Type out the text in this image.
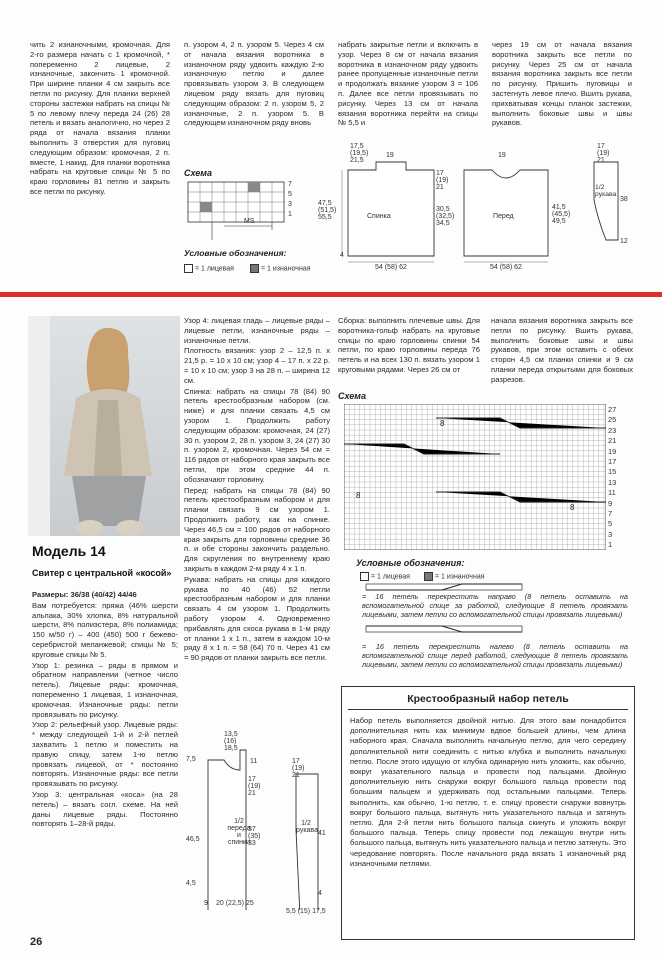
чить 2 изнаночными, кромочная. Для 2-го размера начать с 1 кромочной, * попеременно 2 лицевые, 2 изнаночные, закончить 1 кромочной. При ширине планки 4 см закрыть все петли по рисунку. Для планки верхней стороны застежки набрать на спицы № 5 по левому плечу переда 24 (26) 28 петель и вязать аналогично, но через 2 ряда от начала вязания планки выполнить 3 отверстия для пуговиц следующим образом: кромочная, 2 п. вместе, 1 накид. Для планки воротника набрать на круговые спицы № 5 по краю горловины 81 петлю и закрыть все петли по рисунку.

п. узором 4, 2 п. узором 5. Через 4 см от начала вязания воротника в изнаночном ряду удвоить каждую 2-ю изнаночную петлю и далее провязывать узором 3. В следующем лицевом ряду вязать для пуговиц следующим образом: 2 п. узором 5, 2 изнаночные, 2 п. узором 5. В следующем изнаночном ряду вновь

набрать закрытые петли и включить в узор. Через 8 см от начала вязания воротника в изнаночном ряду удвоить ранее пропущенные изнаночные петли и продолжать вязание узором 3 = 106 п. Далее все петли провязывать по рисунку. Через 13 см от начала вязания воротника перейти на спицы № 5,5 и

через 19 см от начала вязания воротника закрыть все петли по рисунку. Через 25 см от начала вязания воротника закрыть все петли по рисунку. Пришить пуговицы и застегнуть левое плечо. Вшить рукава, прихватывая концы планок застежки, выполнить боковые швы и швы рукавов.

Схема
7
5
3
1
MS
Условные обозначения:
= 1 лицевая	= 1 изнаночная
Спинка	Перед
1/2 рукава
17,5 (19,5) 21,5
19
47,5 (51,5) 55,5
17 (19) 21
30,5 (32,5) 34,5
54 (58) 62
4
19
41,5 (45,5) 49,5
54 (58) 62
17 (19) 21
38
12
Модель 14
Свитер с центральной «косой»

Размеры: 36/38 (40/42) 44/46

Вам потребуется: пряжа (46% шерсти альпака, 30% хлопка, 8% натуральной шерсти, 8% полиэстера, 8% полиамида; 150 м/50 г) – 400 (450) 500 г бежево-серебристой меланжевой; спицы № 5; круговые спицы № 5.

Узор 1: резинка – ряды в прямом и обратном направлении (четное число петель). Лицевые ряды: кромочная, попеременно 1 лицевая, 1 изнаночная, кромочная. Изнаночные ряды: петли провязывать по рисунку.

Узор 2: рельефный узор. Лицевые ряды: * между следующей 1-й и 2-й петлей захватить 1 петлю и поместить на правую спицу, затем 1-ю петлю провязать лицевой, от * постоянно повторять. Изнаночные ряды: все петли провязывать по рисунку.

Узор 3: центральная «коса» (на 28 петель) – вязать согл. схеме. На ней даны лицевые ряды. Постоянно повторять 1–28-й ряды.

Узор 4: лицевая гладь – лицевые ряды – лицевые петли, изнаночные ряды – изнаночные петли.

Плотность вязания: узор 2 – 12,5 п. x 21,5 р. = 10 x 10 см; узор 4 – 17 п. x 22 р. = 10 x 10 см; узор 3 на 28 п. – ширина 12 см.

Спинка: набрать на спицы 78 (84) 90 петель крестообразным набором (см. ниже) и для планки связать 4,5 см узором 1. Продолжить работу следующим образом: кромочная, 24 (27) 30 п. узором 2, 28 п. узором 3, 24 (27) 30 п. узором 2, кромочная. Через 54 см = 116 рядов от наборного края закрыть все петли, при этом средние 44 п. обозначают горловину.

Перед: набрать на спицы 78 (84) 90 петель крестообразным набором и для планки связать 9 см узором 1. Продолжить работу, как на спинке. Через 46,5 см = 100 рядов от наборного края закрыть для горловины средние 36 п. и обе стороны закончить раздельно. Для скругления по внутреннему краю закрыть в каждом 2-м ряду 4 x 1 п.

Рукава: набрать на спицы для каждого рукава по 40 (46) 52 петли крестообразным набором и для планки связать 4 см узором 1. Продолжить работу узором 4. Одновременно прибавлять для скоса рукава в 1-м ряду от планки 1 x 1 п., затем в каждом 10-м ряду 8 x 1 п. = 58 (64) 70 п. Через 41 см = 90 рядов от планки закрыть все петли.

Сборка: выполнить плечевые швы. Для воротника-гольф набрать на круговые спицы по краю горловины спинки 54 петли, по краю горловины переда 76 петель и на всех 130 п. вязать узором 1 круговыми рядами. Через 26 см от

начала вязания воротника закрыть все петли по рисунку. Вшить рукава, выполнить боковые швы и швы рукавов, при этом оставить с обеих сторон 4,5 см планки спинки и 9 см планки переда открытыми для боковых разрезов.

Схема
8
8
8
27
25
23
21
19
17
15
13
11
9
7
5
3
1
Условные обозначения:
= 1 лицевая	= 1 изнаночная
= 16 петель перекрестить направо (8 петель оставить на вспомогательной спице за работой, следующие 8 петель провязать лицевыми, затем петли со вспомогательной спицы провязать лицевыми)
= 16 петель перекрестить налево (8 петель оставить на вспомогательной спице перед работой, следующие 8 петель провязать лицевыми, затем петли со вспомогательной спицы провязать лицевыми)
Крестообразный набор петель
Набор петель выполняется двойной нитью. Для этого вам понадобится дополнительная нить как минимум вдвое большей длины, чем длина наборного края. Сначала выполнить начальную петлю, для чего середину дополнительной нити соединить с нитью клубка и выполнить начальную петлю. После этого идущую от клубка одинарную нить уложить, как обычно, вокруг указательного пальца и провести под пальцами. Двойную дополнительную нить снаружи вокруг большого пальца провести под большим пальцем и удерживать под остальными пальцами. Теперь выполнить, как обычно, 1-ю петлю, т. е. спицу провести снаружи вовнутрь вокруг большого пальца, вытянуть нить указательного пальца и затянуть петлю. Для 2-й петли нить большого пальца скинуть и уложить вокруг большого пальца. Теперь спицу провести под лежащую внутри нить большого пальца, вытянуть нить указательного пальца и петлю затянуть. Это чередование повторять. После начального ряда вязать 1 изнаночный ряд изнаночными петлями.
1/2 переда и спинки
1/2 рукава
13,5 (16) 18,5
11
46,5
37 (35) 33
17 (19) 21
7,5
4,5
20 (22,5) 25
9
17 (19) 21
41
5,5 (15) 17,5
4
26
